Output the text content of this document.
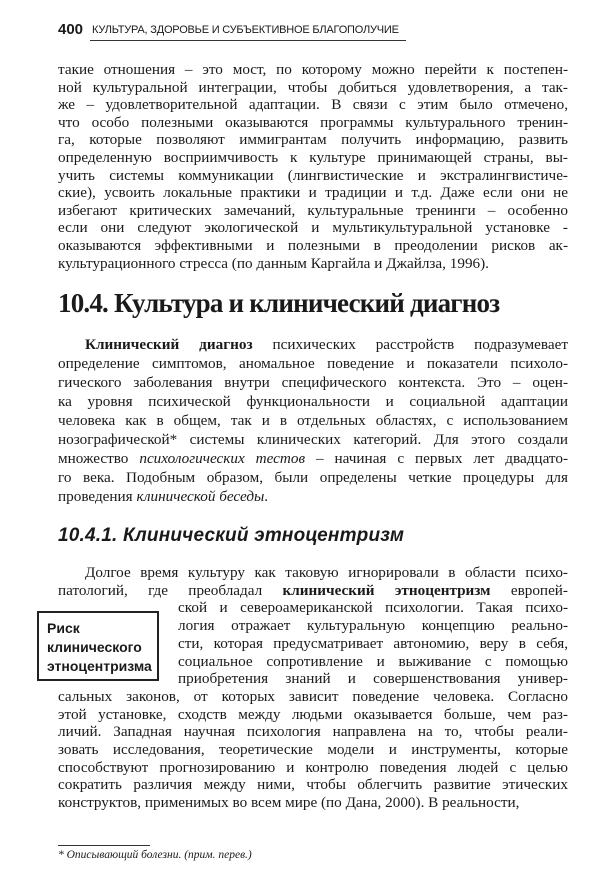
400 КУЛЬТУРА, ЗДОРОВЬЕ И СУБЪЕКТИВНОЕ БЛАГОПОЛУЧИЕ
такие отношения – это мост, по которому можно перейти к постепен-
ной культуральной интеграции, чтобы добиться удовлетворения, а так-
же – удовлетворительной адаптации. В связи с этим было отмечено,
что особо полезными оказываются программы культурального тренин-
га, которые позволяют иммигрантам получить информацию, развить
определенную восприимчивость к культуре принимающей страны, вы-
учить системы коммуникации (лингвистические и экстралингвистиче-
ские), усвоить локальные практики и традиции и т.д. Даже если они не
избегают критических замечаний, культуральные тренинги – особенно
если они следуют экологической и мультикультуральной установке -
оказываются эффективными и полезными в преодолении рисков ак-
культурационного стресса (по данным Каргайла и Джайлза, 1996).
10.4. Культура и клинический диагноз
Клинический диагноз психических расстройств подразумевает
определение симптомов, аномальное поведение и показатели психоло-
гического заболевания внутри специфического контекста. Это – оцен-
ка уровня психической функциональности и социальной адаптации
человека как в общем, так и в отдельных областях, с использованием
нозографической* системы клинических категорий. Для этого создали
множество психологических тестов – начиная с первых лет двадцато-
го века. Подобным образом, были определены четкие процедуры для
проведения клинической беседы.
10.4.1. Клинический этноцентризм
Риск
клинического
этноцентризма
Долгое время культуру как таковую игнорировали в области психо-
патологий, где преобладал клинический этноцентризм европей-
ской и североамериканской психологии. Такая психо-
логия отражает культуральную концепцию реально-
сти, которая предусматривает автономию, веру в себя,
социальное сопротивление и выживание с помощью
приобретения знаний и совершенствования универ-
сальных законов, от которых зависит поведение человека. Согласно
этой установке, сходств между людьми оказывается больше, чем раз-
личий. Западная научная психология направлена на то, чтобы реали-
зовать исследования, теоретические модели и инструменты, которые
способствуют прогнозированию и контролю поведения людей с целью
сократить различия между ними, чтобы облегчить развитие этических
конструктов, применимых во всем мире (по Дана, 2000). В реальности,
* Описывающий болезни. (прим. перев.)
